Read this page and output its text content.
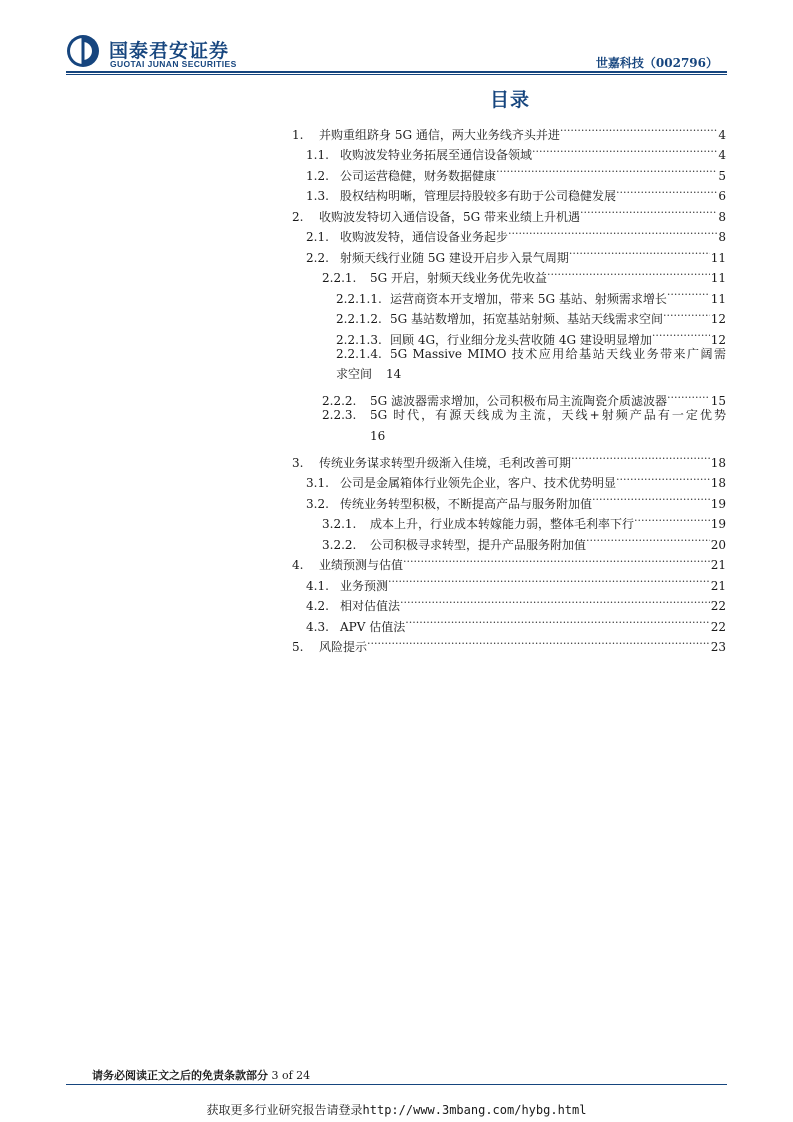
国泰君安证券
GUOTAI JUNAN SECURITIES	世嘉科技（002796）
目录
1.	并购重组跻身 5G 通信，两大业务线齐头并进 .....	4
1.1. 收购波发特业务拓展至通信设备领域 .....	4
1.2. 公司运营稳健，财务数据健康 .....	5
1.3. 股权结构明晰，管理层持股较多有助于公司稳健发展 .....	6
2.	收购波发特切入通信设备，5G 带来业绩上升机遇 .....	8
2.1. 收购波发特，通信设备业务起步 .....	8
2.2. 射频天线行业随 5G 建设开启步入景气周期 .....	11
2.2.1.	5G 开启，射频天线业务优先收益 .....	11
2.2.1.1. 运营商资本开支增加，带来 5G 基站、射频需求增长 .....	11
2.2.1.2. 5G 基站数增加，拓宽基站射频、基站天线需求空间 .....	12
2.2.1.3. 回顾 4G，行业细分龙头营收随 4G 建设明显增加 .....	12
2.2.1.4. 5G Massive MIMO 技术应用给基站天线业务带来广阔需
求空间 14
2.2.2.	5G 滤波器需求增加，公司积极布局主流陶瓷介质滤波器 .....	15
2.2.3.	5G 时代，有源天线成为主流，天线+射频产品有一定优势
16
3.	传统业务谋求转型升级渐入佳境，毛利改善可期 .....	18
3.1. 公司是金属箱体行业领先企业，客户、技术优势明显 .....	18
3.2. 传统业务转型积极，不断提高产品与服务附加值 .....	19
3.2.1.	成本上升，行业成本转嫁能力弱，整体毛利率下行 .....	19
3.2.2.	公司积极寻求转型，提升产品服务附加值 .....	20
4.	业绩预测与估值 .....	21
4.1. 业务预测 .....	21
4.2. 相对估值法 .....	22
4.3. APV 估值法 .....	22
5.	风险提示 .....	23
请务必阅读正文之后的免责条款部分 3 of 24
获取更多行业研究报告请登录http://www.3mbang.com/hybg.html
